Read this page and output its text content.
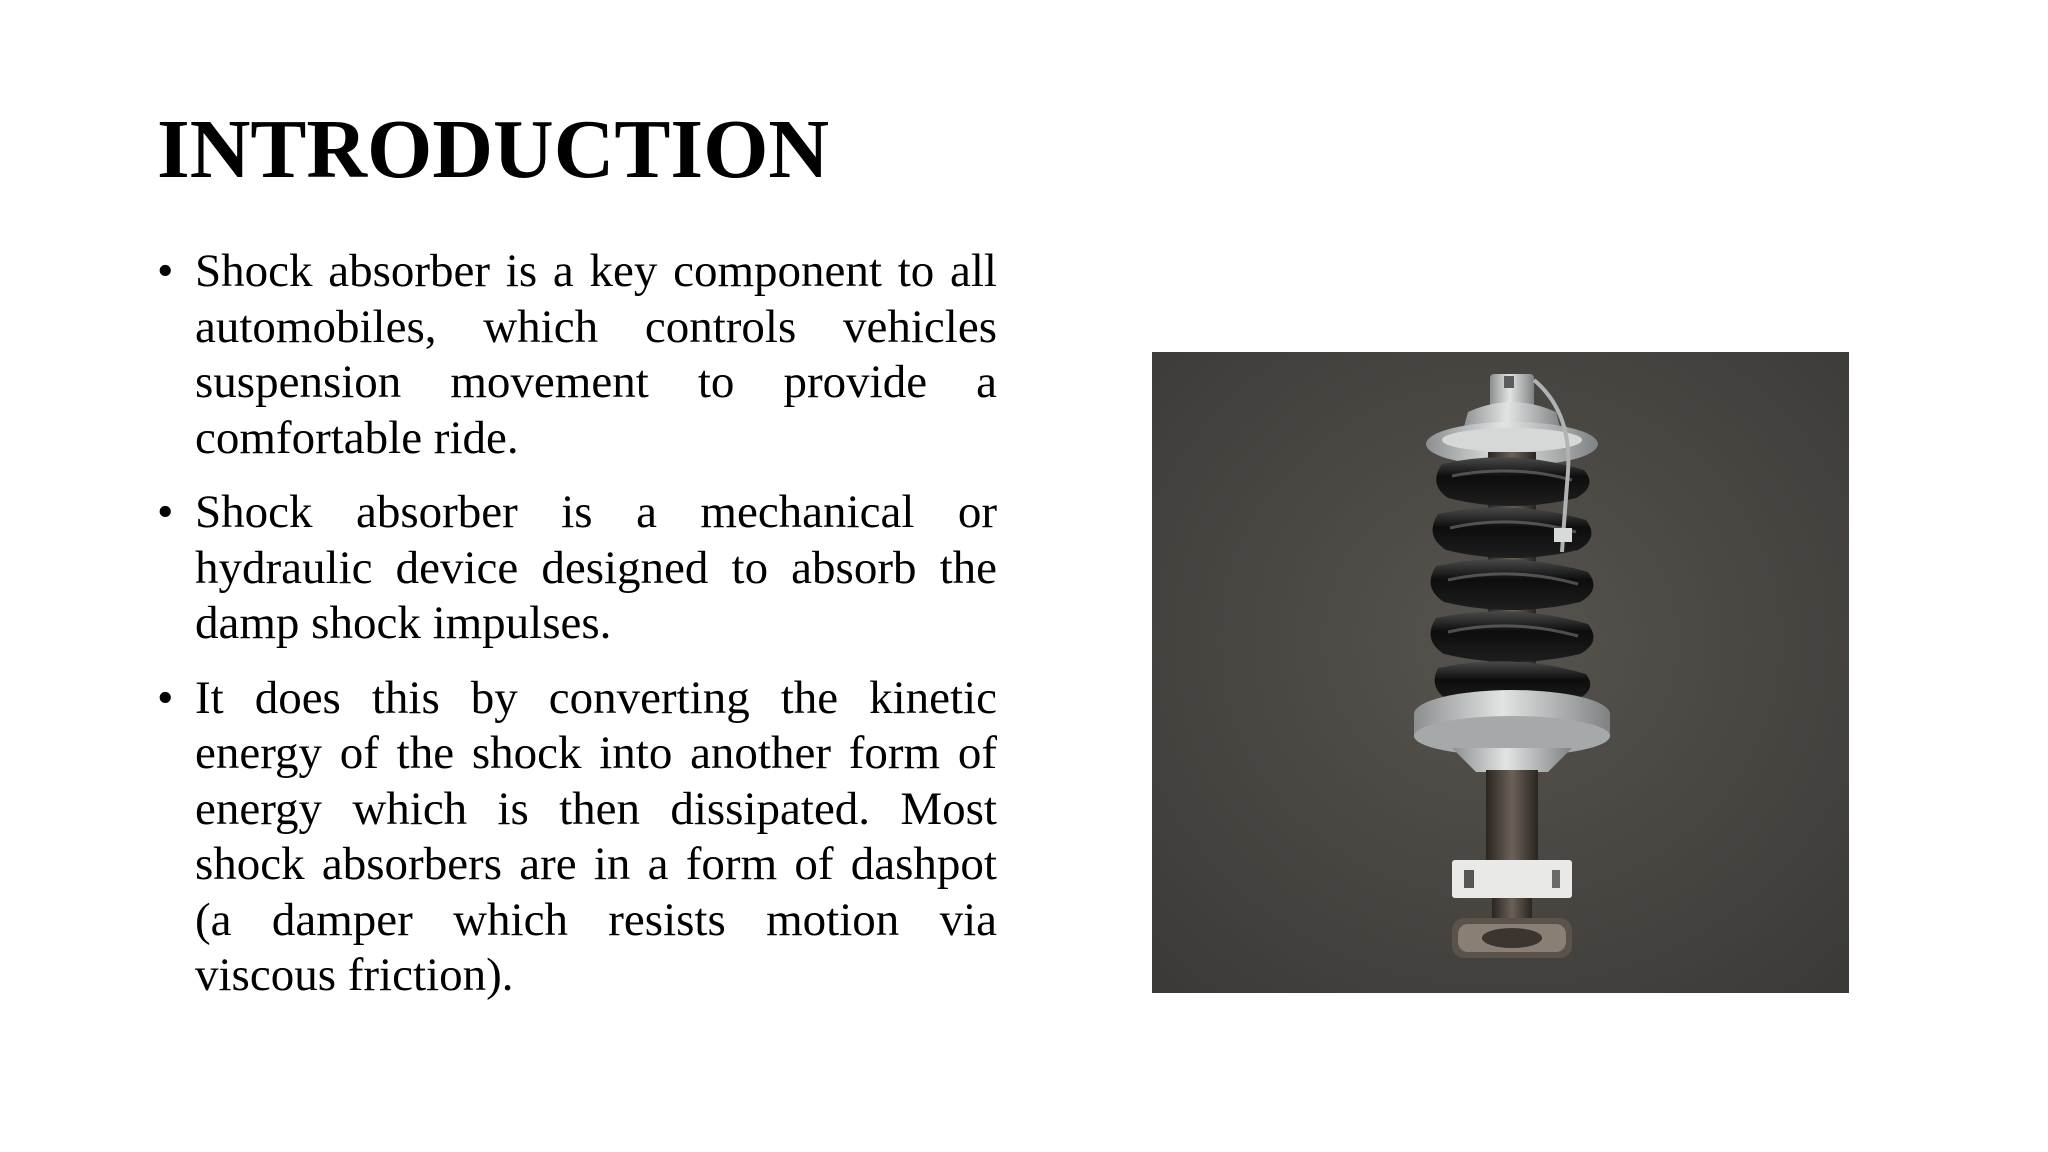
INTRODUCTION
• Shock absorber is a key component to all automobiles, which controls vehicles suspension movement to provide a comfortable ride.
• Shock absorber is a mechanical or hydraulic device designed to absorb the damp shock impulses.
• It does this by converting the kinetic energy of the shock into another form of energy which is then dissipated. Most shock absorbers are in a form of dashpot (a damper which resists motion via viscous friction).
